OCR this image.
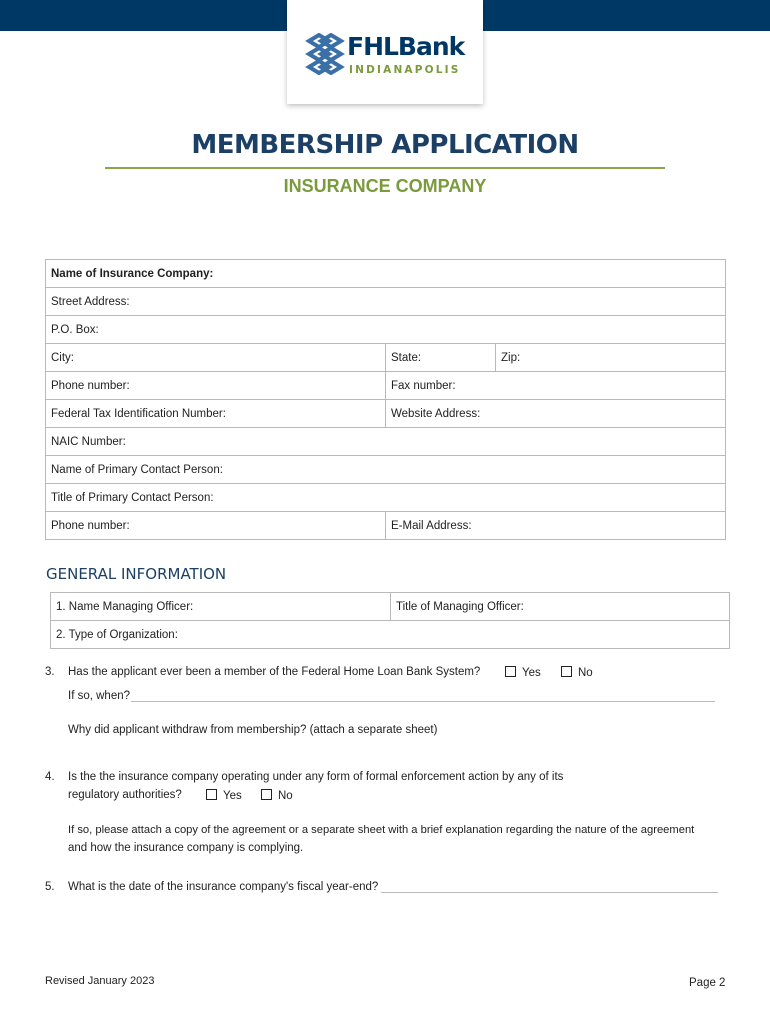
FHLBank
INDIANAPOLIS
MEMBERSHIP APPLICATION
INSURANCE COMPANY
Name of Insurance Company:		
Street Address:		
P.O. Box:		
City:	State:	Zip:
Phone number:	Fax number:	
Federal Tax Identification Number:	Website Address:	
NAIC Number:		
Name of Primary Contact Person:		
Title of Primary Contact Person:		
Phone number:	E-Mail Address:	
GENERAL INFORMATION
1. Name Managing Officer:	Title of Managing Officer:
2. Type of Organization:
3. Has the applicant ever been a member of the Federal Home Loan Bank System?	Yes	No
If so, when?
Why did applicant withdraw from membership? (attach a separate sheet)
4. Is the the insurance company operating under any form of formal enforcement action by any of its
regulatory authorities?	Yes	No
If so, please attach a copy of the agreement or a separate sheet with a brief explanation regarding the nature of the agreement
and how the insurance company is complying.
5. What is the date of the insurance company's fiscal year-end?
Revised January 2023	Page 2
